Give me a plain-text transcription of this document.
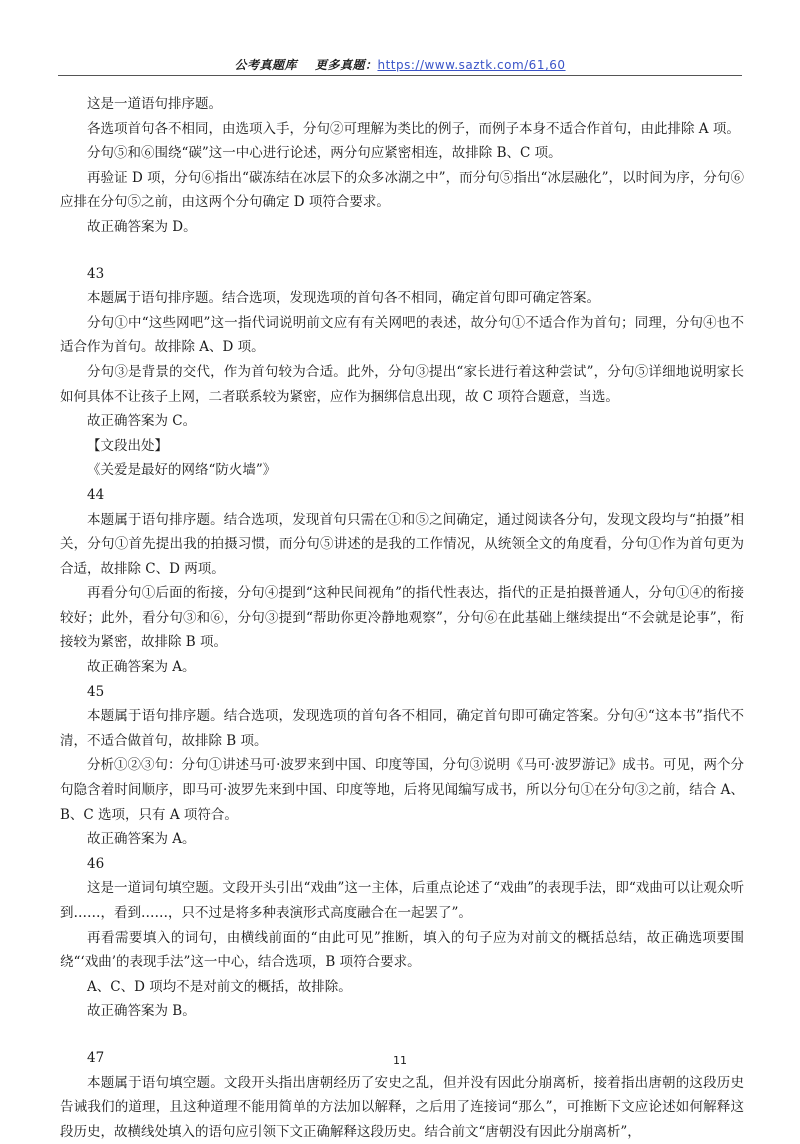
公考真题库 更多真题：https://www.saztk.com/61,60

这是一道语句排序题。

各选项首句各不相同，由选项入手，分句②可理解为类比的例子，而例子本身不适合作首句，由此排除 A 项。

分句⑤和⑥围绕“碳”这一中心进行论述，两分句应紧密相连，故排除 B、C 项。

再验证 D 项，分句⑥指出“碳冻结在冰层下的众多冰湖之中”，而分句⑤指出“冰层融化”，以时间为序，分句⑥应排在分句⑤之前，由这两个分句确定 D 项符合要求。

故正确答案为 D。

43

本题属于语句排序题。结合选项，发现选项的首句各不相同，确定首句即可确定答案。

分句①中“这些网吧”这一指代词说明前文应有有关网吧的表述，故分句①不适合作为首句；同理，分句④也不适合作为首句。故排除 A、D 项。

分句③是背景的交代，作为首句较为合适。此外，分句③提出“家长进行着这种尝试”，分句⑤详细地说明家长如何具体不让孩子上网，二者联系较为紧密，应作为捆绑信息出现，故 C 项符合题意，当选。

故正确答案为 C。

【文段出处】

《关爱是最好的网络“防火墙”》

44

本题属于语句排序题。结合选项，发现首句只需在①和⑤之间确定，通过阅读各分句，发现文段均与“拍摄”相关，分句①首先提出我的拍摄习惯，而分句⑤讲述的是我的工作情况，从统领全文的角度看，分句①作为首句更为合适，故排除 C、D 两项。

再看分句①后面的衔接，分句④提到“这种民间视角”的指代性表达，指代的正是拍摄普通人，分句①④的衔接较好；此外，看分句③和⑥，分句③提到“帮助你更冷静地观察”，分句⑥在此基础上继续提出“不会就是论事”，衔接较为紧密，故排除 B 项。

故正确答案为 A。

45

本题属于语句排序题。结合选项，发现选项的首句各不相同，确定首句即可确定答案。分句④“这本书”指代不清，不适合做首句，故排除 B 项。

分析①②③句：分句①讲述马可·波罗来到中国、印度等国，分句③说明《马可·波罗游记》成书。可见，两个分句隐含着时间顺序，即马可·波罗先来到中国、印度等地，后将见闻编写成书，所以分句①在分句③之前，结合 A、B、C 选项，只有 A 项符合。

故正确答案为 A。

46

这是一道词句填空题。文段开头引出“戏曲”这一主体，后重点论述了“戏曲”的表现手法，即“戏曲可以让观众听到……，看到……，只不过是将多种表演形式高度融合在一起罢了”。

再看需要填入的词句，由横线前面的“由此可见”推断，填入的句子应为对前文的概括总结，故正确选项要围绕“‘戏曲’的表现手法”这一中心，结合选项，B 项符合要求。

A、C、D 项均不是对前文的概括，故排除。

故正确答案为 B。

47

本题属于语句填空题。文段开头指出唐朝经历了安史之乱，但并没有因此分崩离析，接着指出唐朝的这段历史告诫我们的道理，且这种道理不能用简单的方法加以解释，之后用了连接词“那么”，可推断下文应论述如何解释这段历史，故横线处填入的语句应引领下文正确解释这段历史。结合前文“唐朝没有因此分崩离析”，

11
